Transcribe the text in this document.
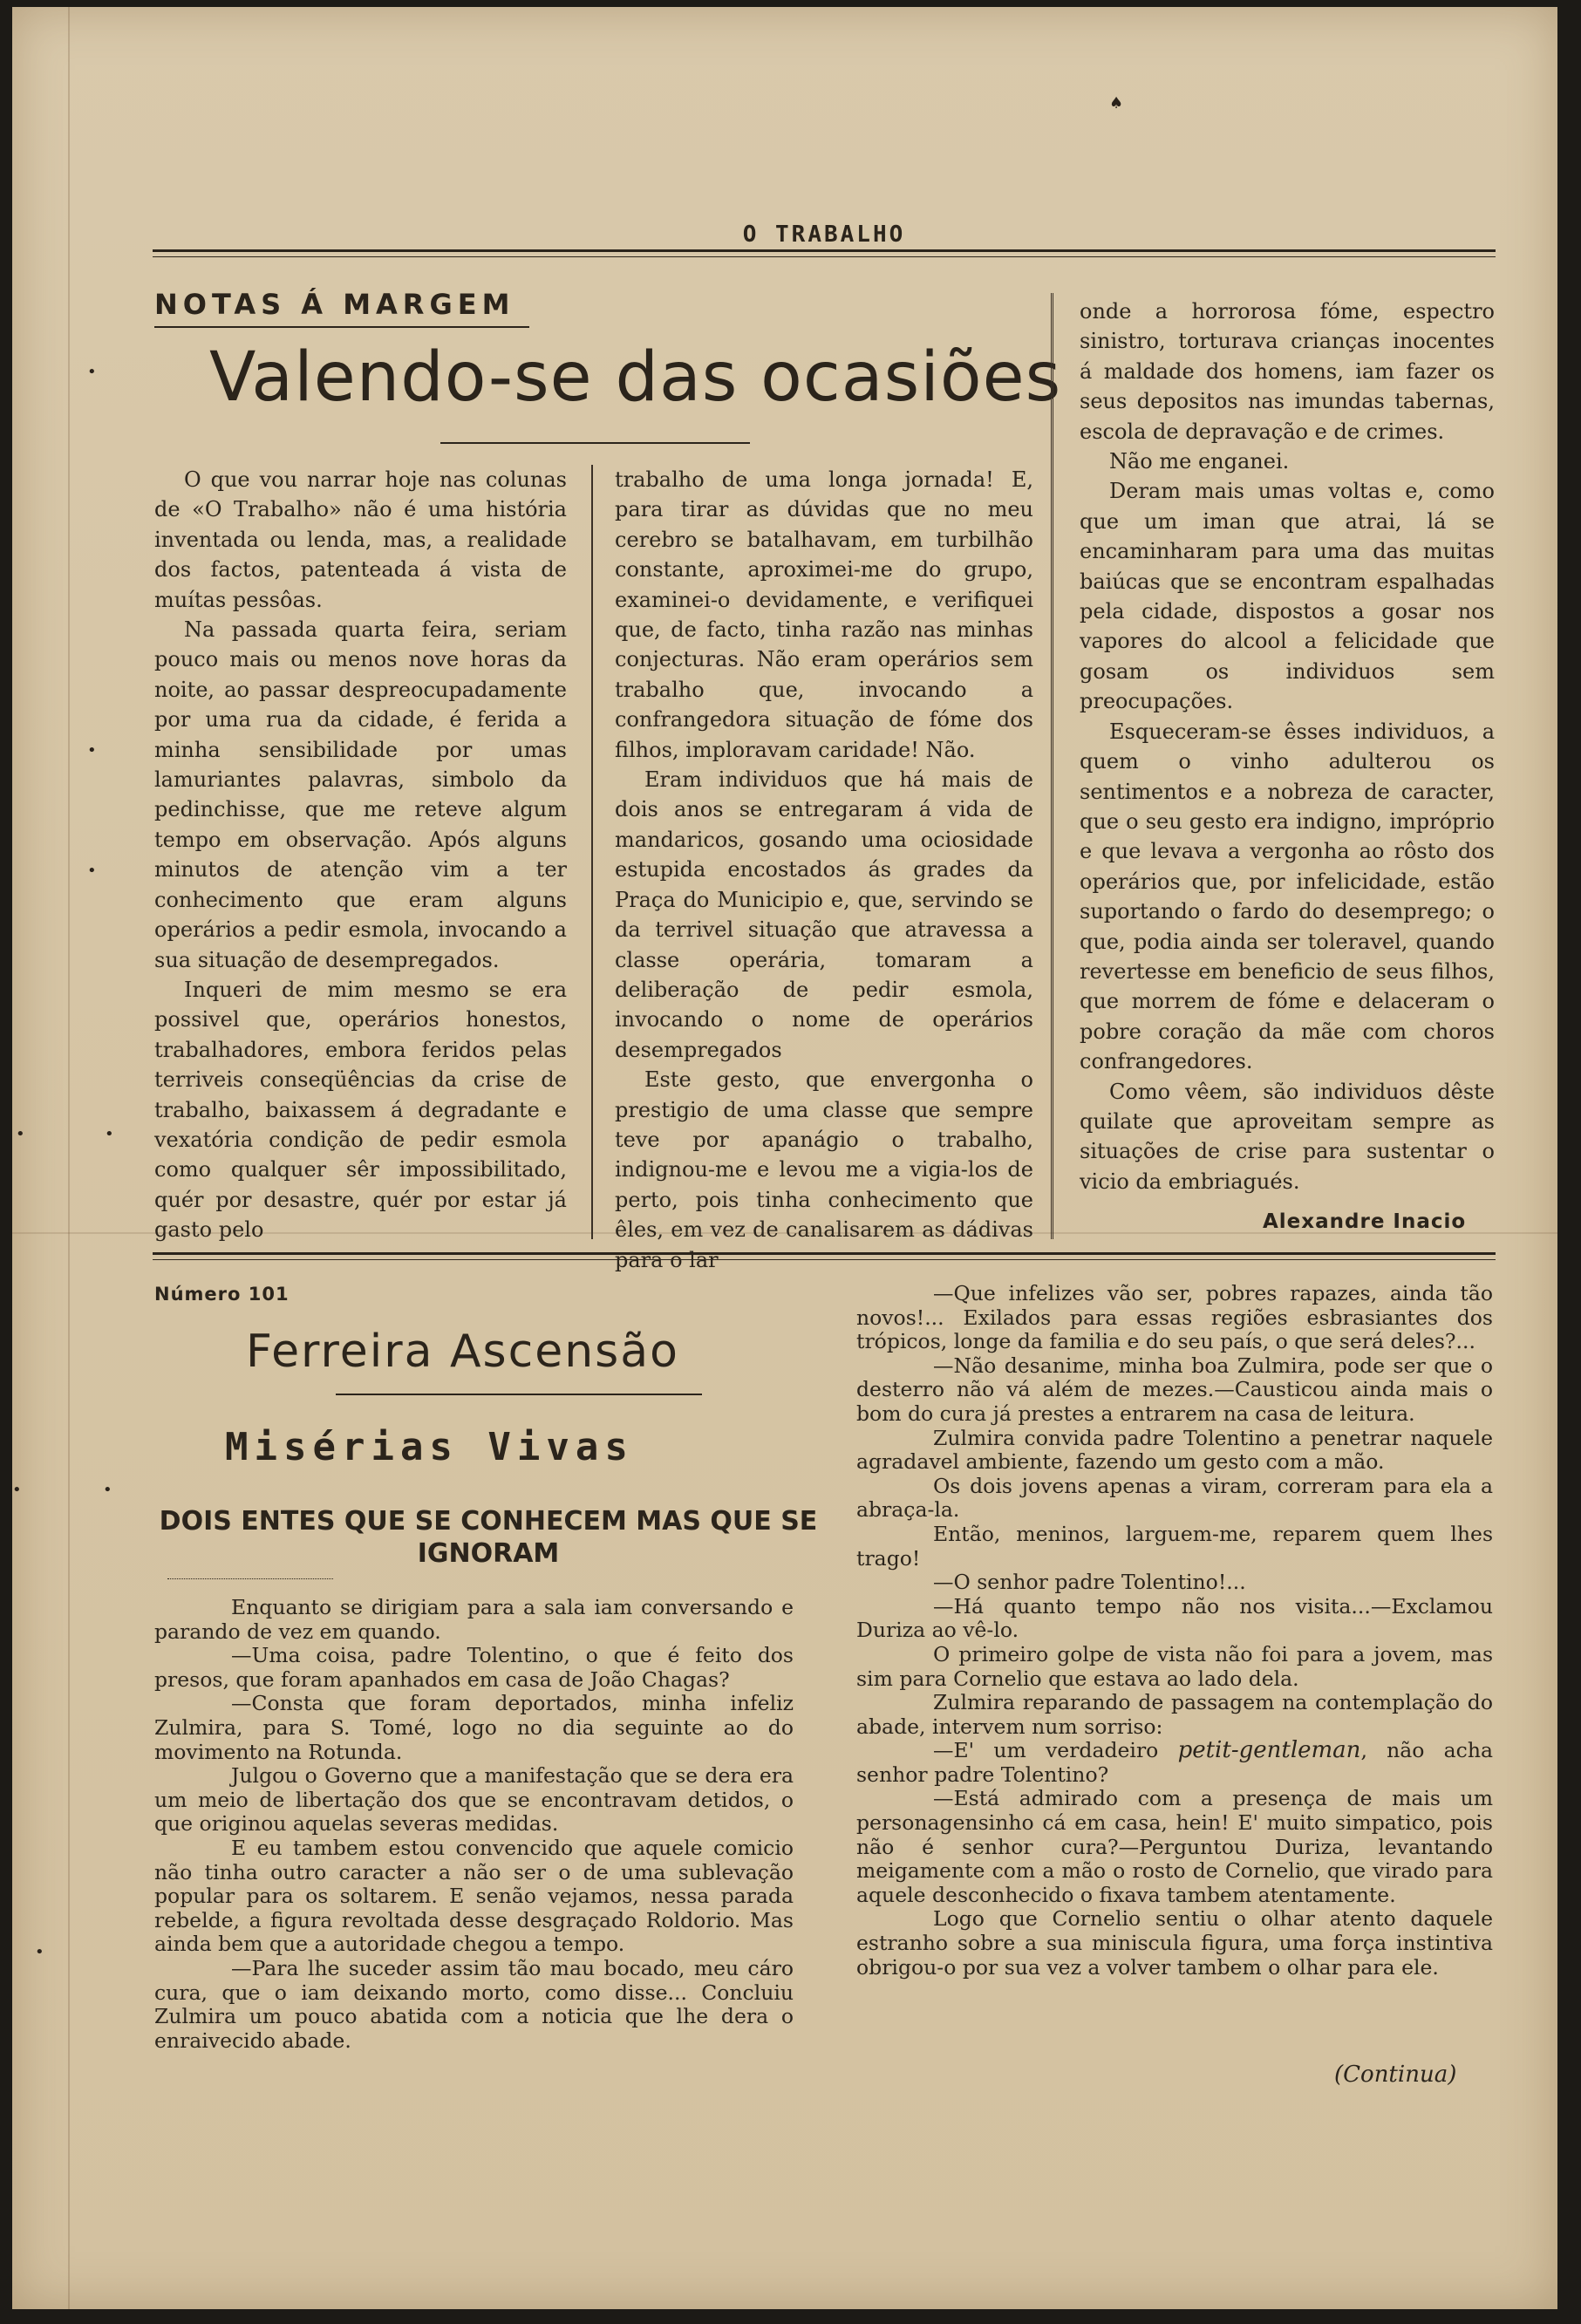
♠
•
•
•
•
•
•	•
•
O TRABALHO
NOTAS Á MARGEM
Valendo-se das ocasiões

O que vou narrar hoje nas colunas de «O Trabalho» não é uma história inventada ou lenda, mas, a realidade dos factos, patenteada á vista de muítas pessôas.

Na passada quarta feira, seriam pouco mais ou menos nove horas da noite, ao passar despreocupadamente por uma rua da cidade, é ferida a minha sensibilidade por umas lamuriantes palavras, simbolo da pedinchisse, que me reteve algum tempo em observação. Após alguns minutos de atenção vim a ter conhecimento que eram alguns operários a pedir esmola, invocando a sua situação de desempregados.

Inqueri de mim mesmo se era possivel que, operários honestos, trabalhadores, embora feridos pelas terriveis conseqüências da crise de trabalho, baixassem á degradante e vexatória condição de pedir esmola como qualquer sêr impossibilitado, quér por desastre, quér por estar já gasto pelo

trabalho de uma longa jornada! E, para tirar as dúvidas que no meu cerebro se batalhavam, em turbilhão constante, aproximei-me do grupo, examinei-o devidamente, e verifiquei que, de facto, tinha razão nas minhas conjecturas. Não eram operários sem trabalho que, invocando a confrangedora situação de fóme dos filhos, imploravam caridade! Não.

Eram individuos que há mais de dois anos se entregaram á vida de mandaricos, gosando uma ociosidade estupida encostados ás grades da Praça do Municipio e, que, servindo se da terrivel situação que atravessa a classe operária, tomaram a deliberação de pedir esmola, invocando o nome de operários desempregados

Este gesto, que envergonha o prestigio de uma classe que sempre teve por apanágio o trabalho, indignou-me e levou me a vigia-los de perto, pois tinha conhecimento que êles, em vez de canalisarem as dádivas para o lar

onde a horrorosa fóme, espectro sinistro, torturava crianças inocentes á maldade dos homens, iam fazer os seus depositos nas imundas tabernas, escola de depravação e de crimes.

Não me enganei.

Deram mais umas voltas e, como que um iman que atrai, lá se encaminharam para uma das muitas baiúcas que se encontram espalhadas pela cidade, dispostos a gosar nos vapores do alcool a felicidade que gosam os individuos sem preocupações.

Esqueceram-se êsses individuos, a quem o vinho adulterou os sentimentos e a nobreza de caracter, que o seu gesto era indigno, impróprio e que levava a vergonha ao rôsto dos operários que, por infelicidade, estão suportando o fardo do desemprego; o que, podia ainda ser toleravel, quando revertesse em beneficio de seus filhos, que morrem de fóme e delaceram o pobre coração da mãe com choros confrangedores.

Como vêem, são individuos dêste quilate que aproveitam sempre as situações de crise para sustentar o vicio da embriagués.

Alexandre Inacio
Número 101
Ferreira Ascensão
Misérias Vivas
DOIS ENTES QUE SE CONHECEM MAS QUE SE IGNORAM

Enquanto se dirigiam para a sala iam conversando e parando de vez em quando.

—Uma coisa, padre Tolentino, o que é feito dos presos, que foram apanhados em casa de João Chagas?

—Consta que foram deportados, minha infeliz Zulmira, para S. Tomé, logo no dia seguinte ao do movimento na Rotunda.

Julgou o Governo que a manifestação que se dera era um meio de libertação dos que se encontravam detidos, o que originou aquelas severas medidas.

E eu tambem estou convencido que aquele comicio não tinha outro caracter a não ser o de uma sublevação popular para os soltarem. E senão vejamos, nessa parada rebelde, a figura revoltada desse desgraçado Roldorio. Mas ainda bem que a autoridade chegou a tempo.

—Para lhe suceder assim tão mau bocado, meu cáro cura, que o iam deixando morto, como disse... Concluiu Zulmira um pouco abatida com a noticia que lhe dera o enraivecido abade.

—Que infelizes vão ser, pobres rapazes, ainda tão novos!... Exilados para essas regiões esbrasiantes dos trópicos, longe da familia e do seu país, o que será deles?...

—Não desanime, minha boa Zulmira, pode ser que o desterro não vá além de mezes.—Causticou ainda mais o bom do cura já prestes a entrarem na casa de leitura.

Zulmira convida padre Tolentino a penetrar naquele agradavel ambiente, fazendo um gesto com a mão.

Os dois jovens apenas a viram, correram para ela a abraça-la.

Então, meninos, larguem-me, reparem quem lhes trago!

—O senhor padre Tolentino!...

—Há quanto tempo não nos visita...—Exclamou Duriza ao vê-lo.

O primeiro golpe de vista não foi para a jovem, mas sim para Cornelio que estava ao lado dela.

Zulmira reparando de passagem na contemplação do abade, intervem num sorriso:

—E' um verdadeiro petit-gentleman, não acha senhor padre Tolentino?

—Está admirado com a presença de mais um personagensinho cá em casa, hein! E' muito simpatico, pois não é senhor cura?—Perguntou Duriza, levantando meigamente com a mão o rosto de Cornelio, que virado para aquele desconhecido o fixava tambem atentamente.

Logo que Cornelio sentiu o olhar atento daquele estranho sobre a sua miniscula figura, uma força instintiva obrigou-o por sua vez a volver tambem o olhar para ele.

(Continua)
